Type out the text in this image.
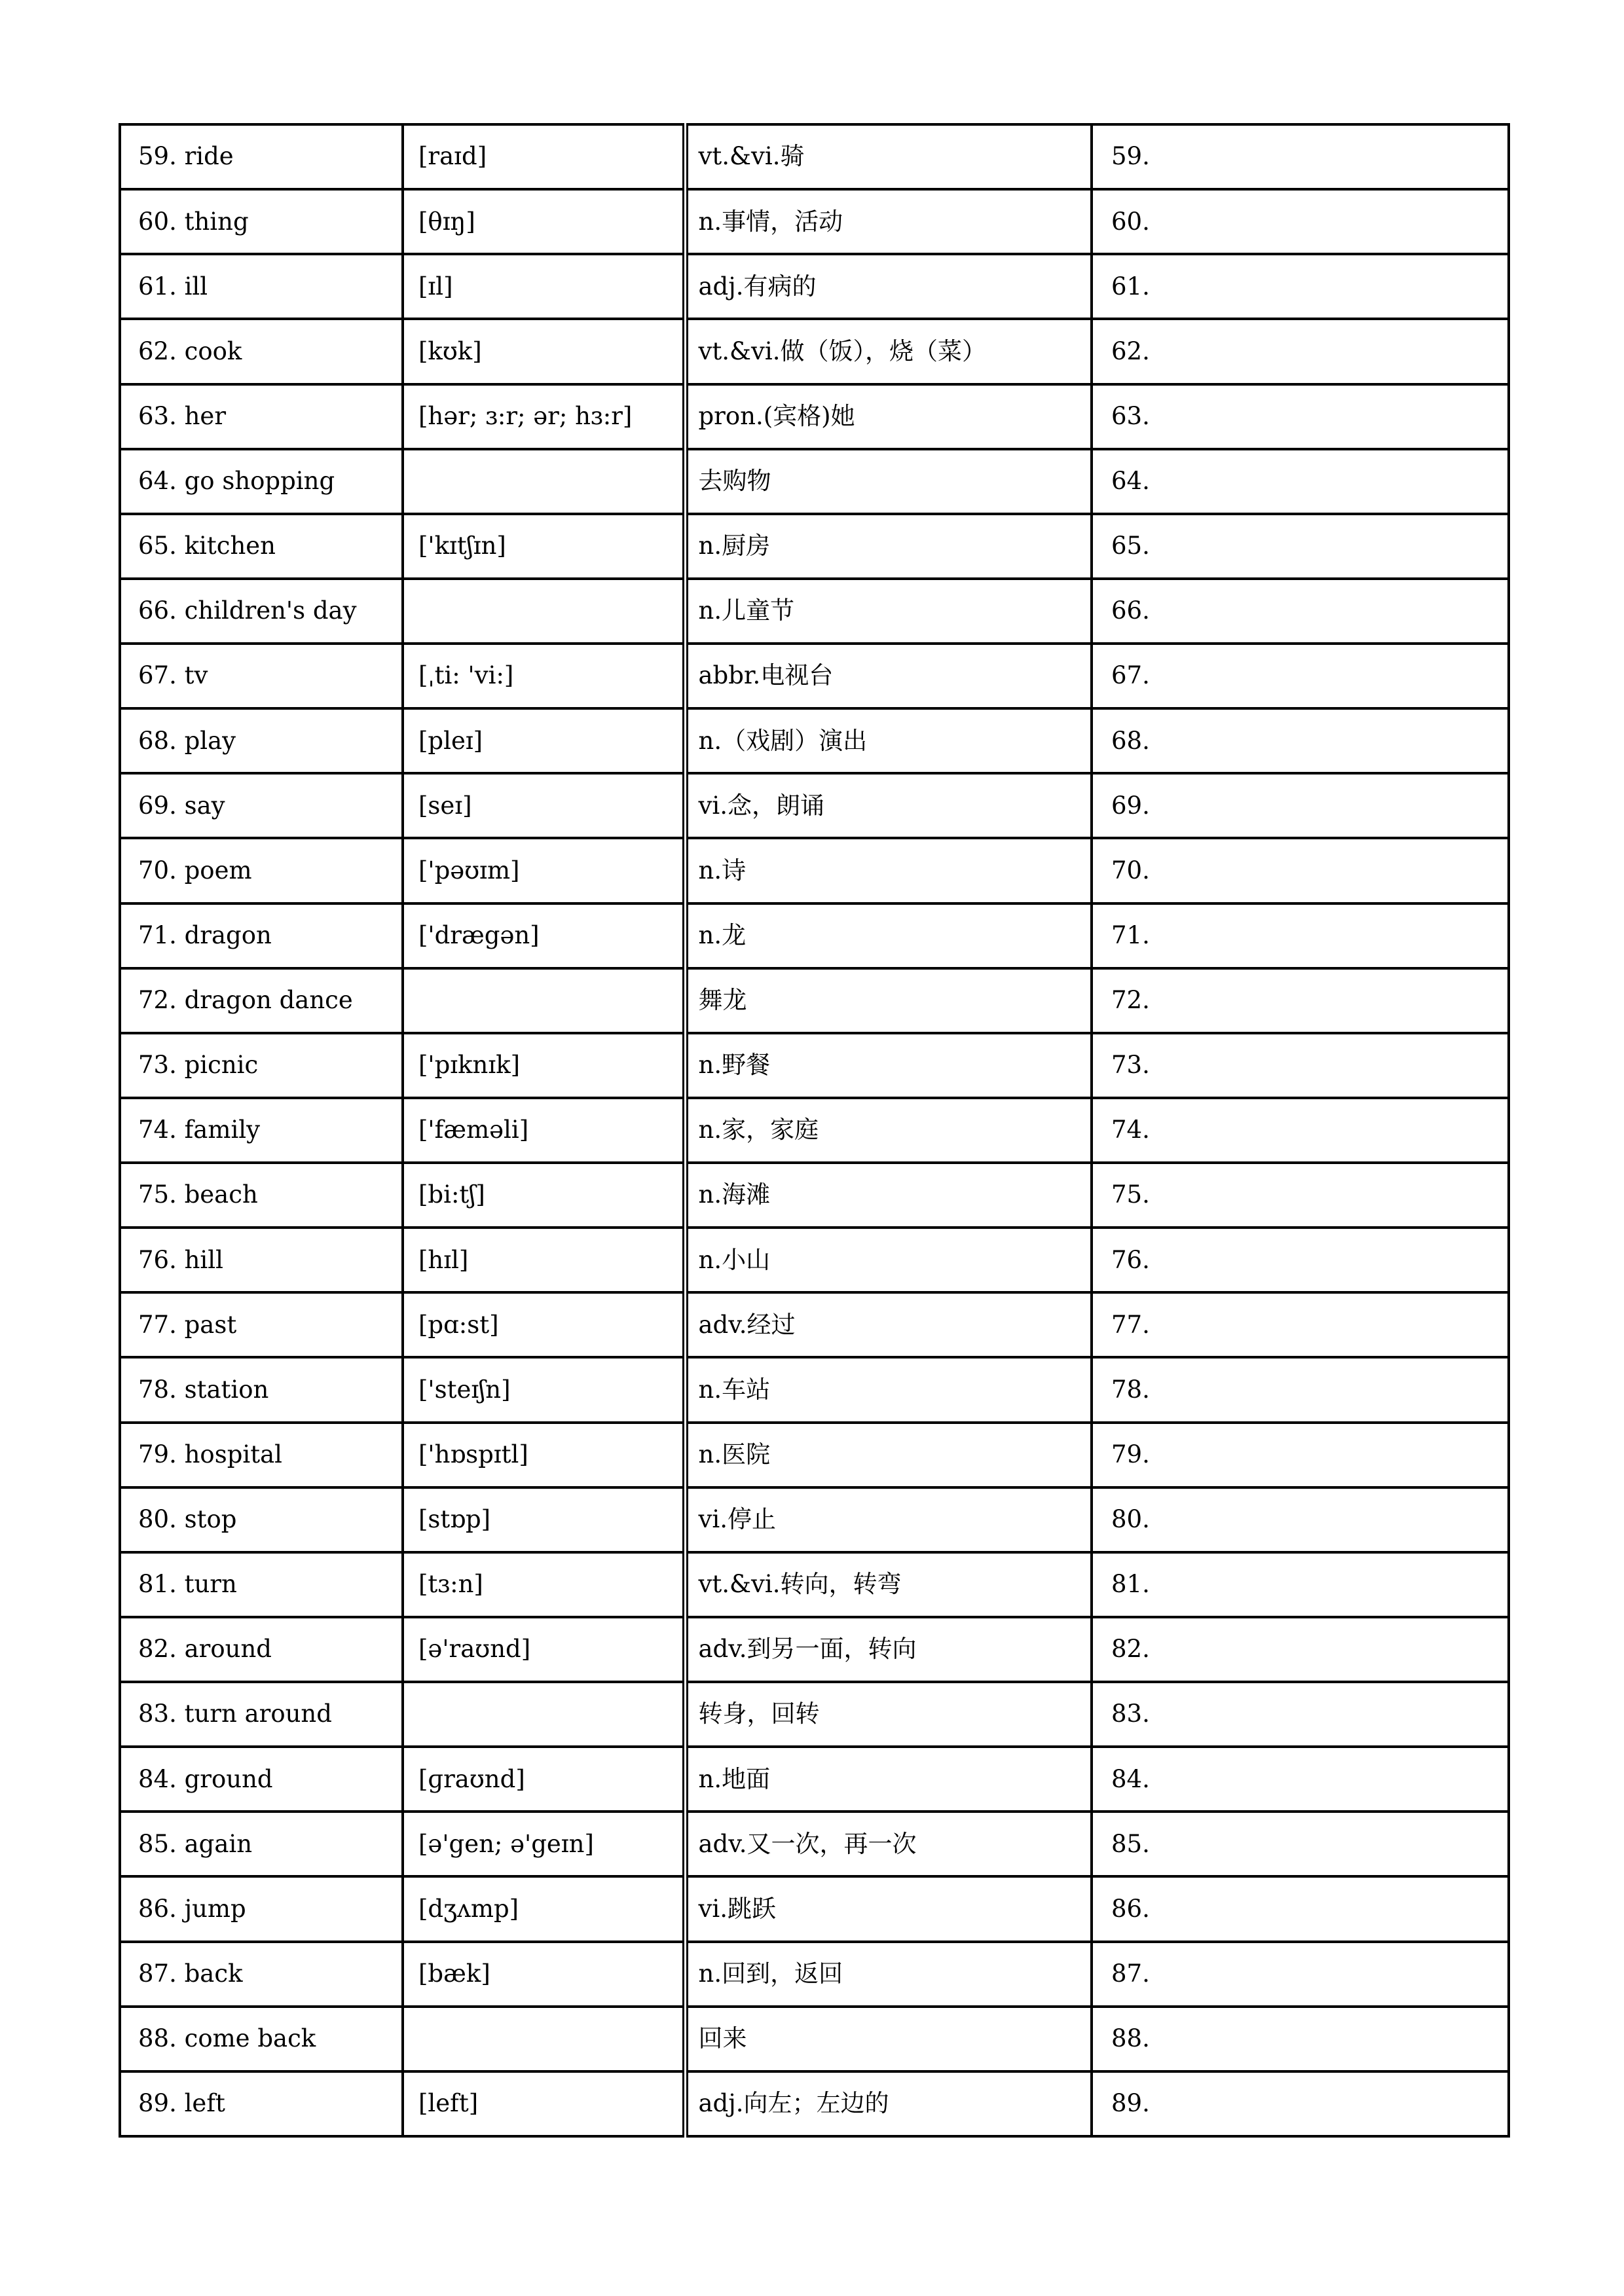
59. ride	[raɪd]	vt.&vi.骑	59.
60. thing	[θɪŋ]	n.事情，活动	60.
61. ill	[ɪl]	adj.有病的	61.
62. cook	[kʊk]	vt.&vi.做（饭），烧（菜）	62.
63. her	[hər; ɜ:r; ər; hɜ:r]	pron.(宾格)她	63.
64. go shopping		去购物	64.
65. kitchen	['kɪtʃɪn]	n.厨房	65.
66. children's day		n.儿童节	66.
67. tv	[ˌti: 'vi:]	abbr.电视台	67.
68. play	[pleɪ]	n.（戏剧）演出	68.
69. say	[seɪ]	vi.念，朗诵	69.
70. poem	['pəʊɪm]	n.诗	70.
71. dragon	['drægən]	n.龙	71.
72. dragon dance		舞龙	72.
73. picnic	['pɪknɪk]	n.野餐	73.
74. family	['fæməli]	n.家，家庭	74.
75. beach	[bi:tʃ]	n.海滩	75.
76. hill	[hɪl]	n.小山	76.
77. past	[pɑ:st]	adv.经过	77.
78. station	['steɪʃn]	n.车站	78.
79. hospital	['hɒspɪtl]	n.医院	79.
80. stop	[stɒp]	vi.停止	80.
81. turn	[tɜ:n]	vt.&vi.转向，转弯	81.
82. around	[ə'raʊnd]	adv.到另一面，转向	82.
83. turn around		转身，回转	83.
84. ground	[ɡraʊnd]	n.地面	84.
85. again	[ə'gen; ə'geɪn]	adv.又一次，再一次	85.
86. jump	[dʒʌmp]	vi.跳跃	86.
87. back	[bæk]	n.回到，返回	87.
88. come back		回来	88.
89. left	[left]	adj.向左；左边的	89.
